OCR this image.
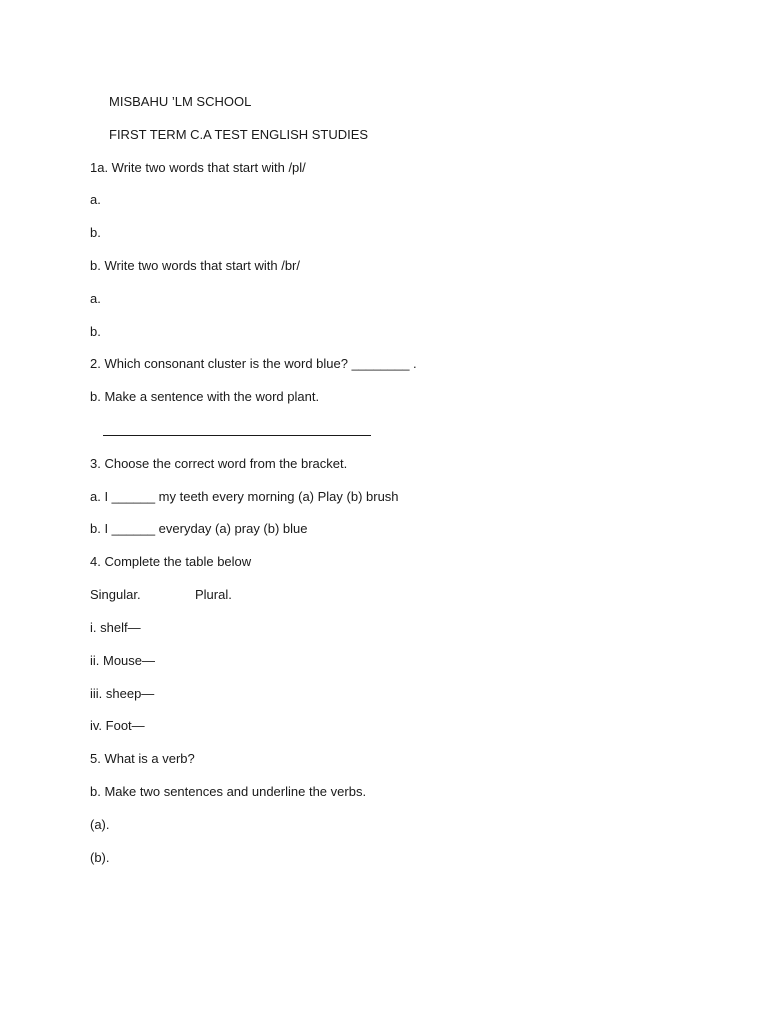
MISBAHU ’LM SCHOOL
FIRST TERM C.A TEST ENGLISH STUDIES
1a. Write two words that start with /pl/
a.
b.
b. Write two words that start with /br/
a.
b.
2. Which consonant cluster is the word blue? ________ .
b. Make a sentence with the word plant.
3. Choose the correct word from the bracket.
a. I ______ my teeth every morning (a) Play (b) brush
b. I ______ everyday (a) pray (b) blue
4. Complete the table below
Singular.	Plural.
i. shelf—
ii. Mouse—
iii. sheep—
iv. Foot—
5. What is a verb?
b. Make two sentences and underline the verbs.
(a).
(b).
